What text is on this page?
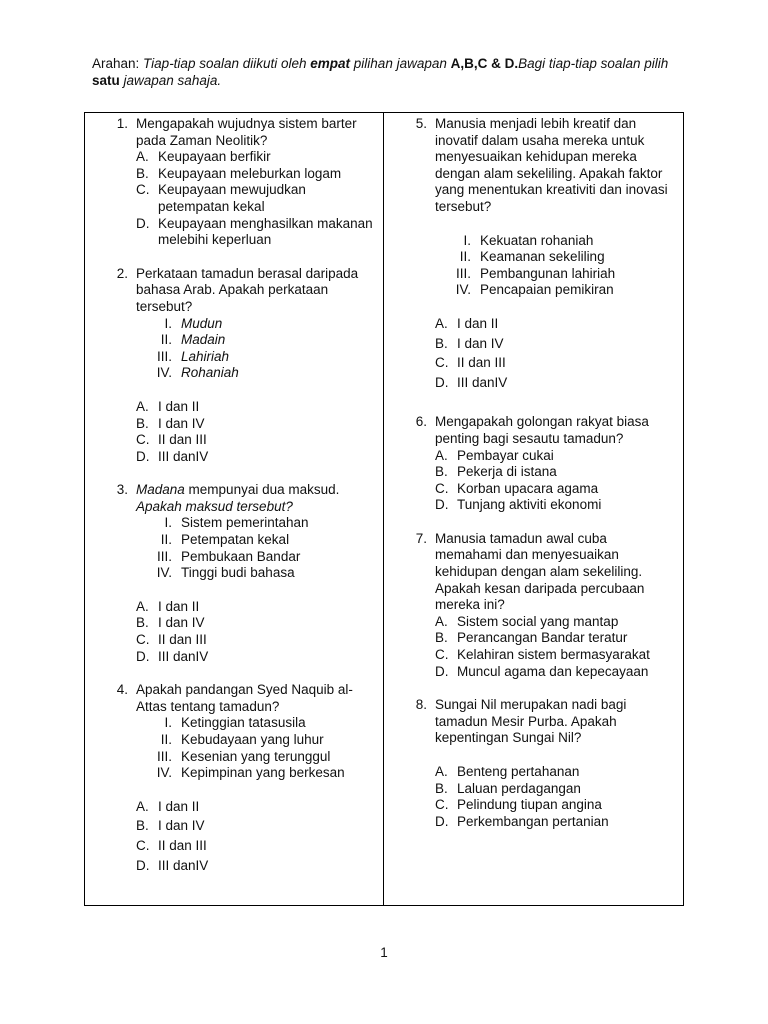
Arahan: Tiap-tiap soalan diikuti oleh empat pilihan jawapan A,B,C & D.Bagi tiap-tiap soalan pilih satu jawapan sahaja.
1. Mengapakah wujudnya sistem barter pada Zaman Neolitik?
A. Keupayaan berfikir
B. Keupayaan meleburkan logam
C. Keupayaan mewujudkan petempatan kekal
D. Keupayaan menghasilkan makanan melebihi keperluan
2. Perkataan tamadun berasal daripada bahasa Arab. Apakah perkataan tersebut?
I. Mudun
II. Madain
III. Lahiriah
IV. Rohaniah
A. I dan II
B. I dan IV
C. II dan III
D. III danIV
3. Madana mempunyai dua maksud.
Apakah maksud tersebut?
I. Sistem pemerintahan
II. Petempatan kekal
III. Pembukaan Bandar
IV. Tinggi budi bahasa
A. I dan II
B. I dan IV
C. II dan III
D. III danIV
4. Apakah pandangan Syed Naquib al-Attas tentang tamadun?
I. Ketinggian tatasusila
II. Kebudayaan yang luhur
III. Kesenian yang terunggul
IV. Kepimpinan yang berkesan
A. I dan II
B. I dan IV
C. II dan III
D. III danIV
5. Manusia menjadi lebih kreatif dan inovatif dalam usaha mereka untuk menyesuaikan kehidupan mereka dengan alam sekeliling. Apakah faktor yang menentukan kreativiti dan inovasi tersebut?
I. Kekuatan rohaniah
II. Keamanan sekeliling
III. Pembangunan lahiriah
IV. Pencapaian pemikiran
A. I dan II
B. I dan IV
C. II dan III
D. III danIV
6. Mengapakah golongan rakyat biasa penting bagi sesautu tamadun?
A. Pembayar cukai
B. Pekerja di istana
C. Korban upacara agama
D. Tunjang aktiviti ekonomi
7. Manusia tamadun awal cuba memahami dan menyesuaikan kehidupan dengan alam sekeliling. Apakah kesan daripada percubaan mereka ini?
A. Sistem social yang mantap
B. Perancangan Bandar teratur
C. Kelahiran sistem bermasyarakat
D. Muncul agama dan kepecayaan
8. Sungai Nil merupakan nadi bagi tamadun Mesir Purba. Apakah kepentingan Sungai Nil?
A. Benteng pertahanan
B. Laluan perdagangan
C. Pelindung tiupan angina
D. Perkembangan pertanian
1
